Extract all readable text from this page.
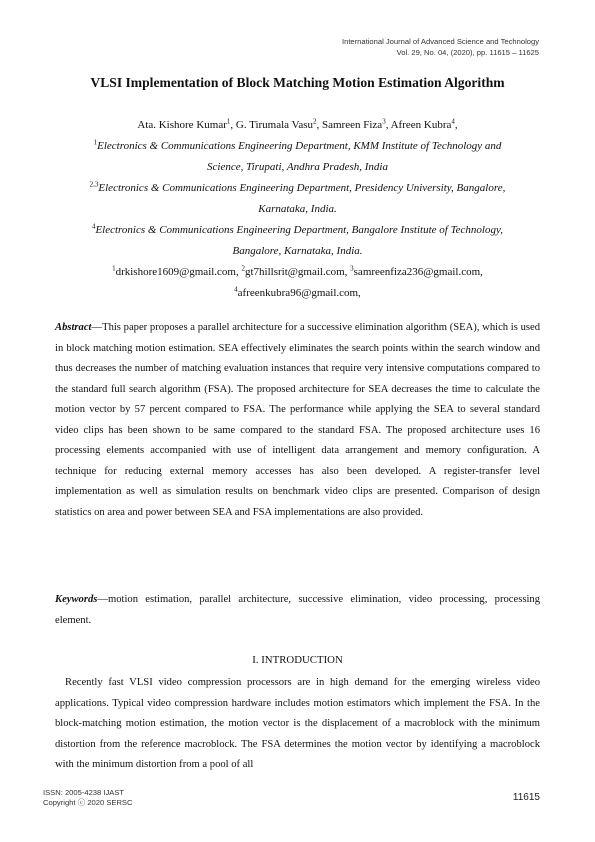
International Journal of Advanced Science and Technology
Vol. 29, No. 04, (2020), pp. 11615 – 11625
VLSI Implementation of Block Matching Motion Estimation Algorithm
Ata. Kishore Kumar$^1$, G. Tirumala Vasu$^2$, Samreen Fiza$^3$, Afreen Kubra$^4$,
$^1$Electronics & Communications Engineering Department, KMM Institute of Technology and
Science, Tirupati, Andhra Pradesh, India
$^{2,3}$Electronics & Communications Engineering Department, Presidency University, Bangalore,
Karnataka, India.
$^4$Electronics & Communications Engineering Department, Bangalore Institute of Technology,
Bangalore, Karnataka, India.
$^1$drkishore1609@gmail.com, $^2$gt7hillsrit@gmail.com, $^3$samreenfiza236@gmail.com,
$^4$afreenkubra96@gmail.com,
Abstract—This paper proposes a parallel architecture for a successive elimination algorithm (SEA), which is used in block matching motion estimation. SEA effectively eliminates the search points within the search window and thus decreases the number of matching evaluation instances that require very intensive computations compared to the standard full search algorithm (FSA). The proposed architecture for SEA decreases the time to calculate the motion vector by 57 percent compared to FSA. The performance while applying the SEA to several standard video clips has been shown to be same compared to the standard FSA. The proposed architecture uses 16 processing elements accompanied with use of intelligent data arrangement and memory configuration. A technique for reducing external memory accesses has also been developed. A register-transfer level implementation as well as simulation results on benchmark video clips are presented. Comparison of design statistics on area and power between SEA and FSA implementations are also provided.
Keywords—motion estimation, parallel architecture, successive elimination, video processing, processing element.
I. INTRODUCTION
Recently fast VLSI video compression processors are in high demand for the emerging wireless video applications. Typical video compression hardware includes motion estimators which implement the FSA. In the block-matching motion estimation, the motion vector is the displacement of a macroblock with the minimum distortion from the reference macroblock. The FSA determines the motion vector by identifying a macroblock with the minimum distortion from a pool of all
ISSN: 2005-4238 IJAST
Copyright ⓒ 2020 SERSC	11615
